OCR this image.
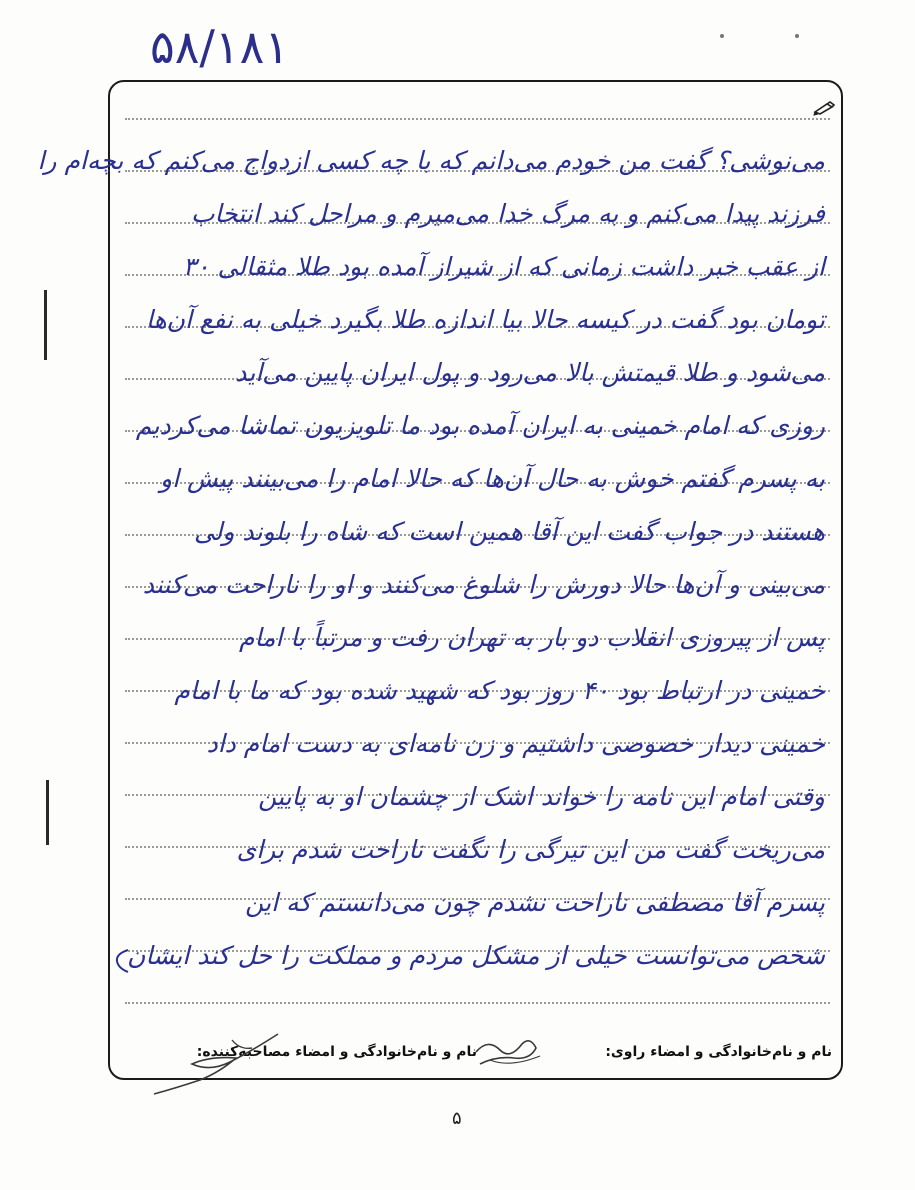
۵۸/۱۸۱
می‌نوشی؟ گفت من خودم می‌دانم که با چه کسی ازدواج می‌کنم که بچه‌ام را
فرزند پیدا می‌کنم و به مرگ خدا می‌میرم و مراحل کند انتخاب
از عقب خبر داشت زمانی که از شیراز آمده بود طلا مثقالی ۳۰
تومان بود گفت در کیسه حالا بیا اندازه طلا بگیرد خیلی به نفع آن‌ها
می‌شود و طلا قیمتش بالا می‌رود و پول ایران پایین می‌آید
روزی که امام خمینی به ایران آمده بود ما تلویزیون تماشا می‌کردیم
به پسرم گفتم خوش به حال آن‌ها که حالا امام را می‌بینند پیش او
هستند در جواب گفت این آقا همین است که شاه را بلوند ولی
می‌بینی و آن‌ها حالا دورش را شلوغ می‌کنند و او را ناراحت می‌کنند
پس از پیروزی انقلاب دو بار به تهران رفت و مرتباً با امام
خمینی در ارتباط بود ۴۰ روز بود که شهید شده بود که ما با امام
خمینی دیدار خصوصی داشتیم و زن نامه‌ای به دست امام داد
وقتی امام این نامه را خواند اشک از چشمان او به پایین
می‌ریخت گفت من این تیرگی را نگفت ناراحت شدم برای
پسرم آقا مصطفی ناراحت نشدم چون می‌دانستم که این
شخص می‌توانست خیلی از مشکل مردم و مملکت را حل کند ایشان
نام و نام‌خانوادگی و امضاء راوی:
نام و نام‌خانوادگی و امضاء مصاحبه‌کننده:
۵
